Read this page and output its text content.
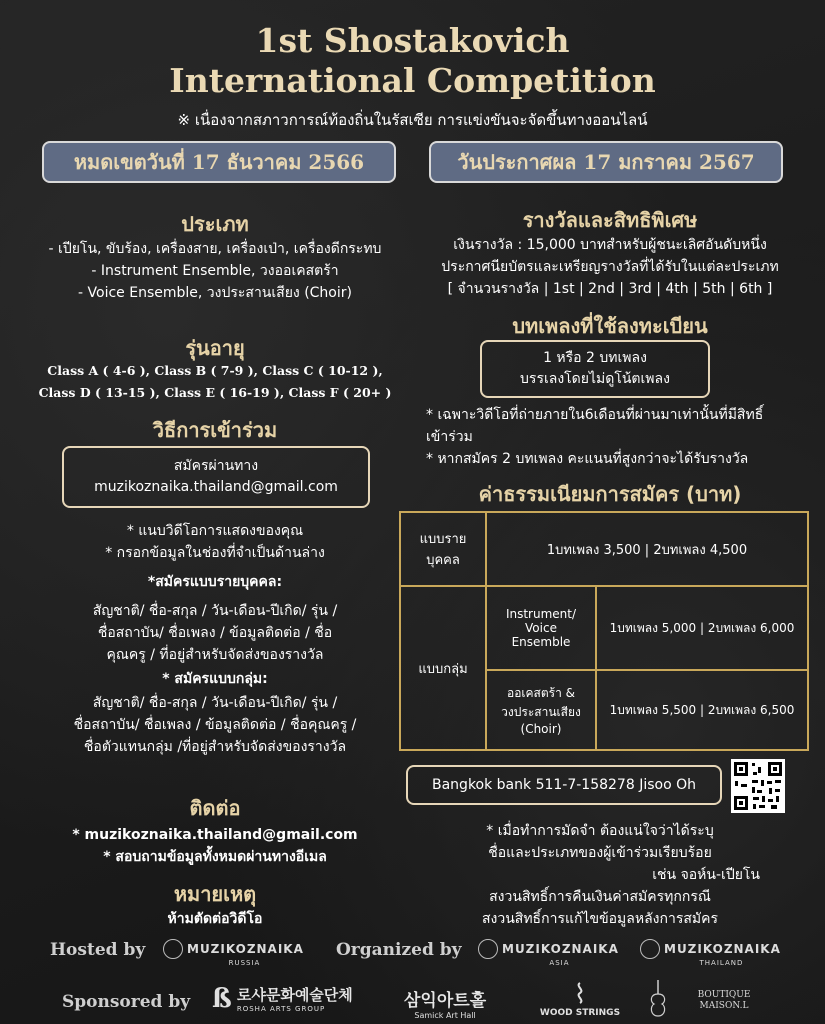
1st Shostakovich
International Competition
※ เนื่องจากสภาวการณ์ท้องถิ่นในรัสเซีย การแข่งขันจะจัดขึ้นทางออนไลน์
หมดเขตวันที่ 17 ธันวาคม 2566	วันประกาศผล 17 มกราคม 2567
ประเภท
- เปียโน, ขับร้อง, เครื่องสาย, เครื่องเป่า, เครื่องดีกระทบ
- Instrument Ensemble, วงออเคสตร้า
- Voice Ensemble, วงประสานเสียง (Choir)
รุ่นอายุ
Class A ( 4-6 ), Class B ( 7-9 ), Class C ( 10-12 ),
Class D ( 13-15 ), Class E ( 16-19 ), Class F ( 20+ )
วิธีการเข้าร่วม
สมัครผ่านทาง
muzikoznaika.thailand@gmail.com
* แนบวิดีโอการแสดงของคุณ
* กรอกข้อมูลในช่องที่จำเป็นด้านล่าง
*สมัครแบบรายบุคคล:
สัญชาติ/ ชื่อ-สกุล / วัน-เดือน-ปีเกิด/ รุ่น /
ชื่อสถาบัน/ ชื่อเพลง / ข้อมูลติดต่อ / ชื่อ
คุณครู / ที่อยู่สำหรับจัดส่งของรางวัล
* สมัครแบบกลุ่ม:
สัญชาติ/ ชื่อ-สกุล / วัน-เดือน-ปีเกิด/ รุ่น /
ชื่อสถาบัน/ ชื่อเพลง / ข้อมูลติดต่อ / ชื่อคุณครู /
ชื่อตัวแทนกลุ่ม /ที่อยู่สำหรับจัดส่งของรางวัล
ติดต่อ
* muzikoznaika.thailand@gmail.com
* สอบถามข้อมูลทั้งหมดผ่านทางอีเมล
หมายเหตุ
ห้ามตัดต่อวิดีโอ
รางวัลและสิทธิพิเศษ
เงินรางวัล : 15,000 บาทสำหรับผู้ชนะเลิศอันดับหนึ่ง
ประกาศนียบัตรและเหรียญรางวัลที่ได้รับในแต่ละประเภท
[ จำนวนรางวัล | 1st | 2nd | 3rd | 4th | 5th | 6th ]
บทเพลงที่ใช้ลงทะเบียน
1 หรือ 2 บทเพลง
บรรเลงโดยไม่ดูโน้ตเพลง
* เฉพาะวิดีโอที่ถ่ายภายใน6เดือนที่ผ่านมาเท่านั้นที่มีสิทธิ์
เข้าร่วม
* หากสมัคร 2 บทเพลง คะแนนที่สูงกว่าจะได้รับรางวัล
ค่าธรรมเนียมการสมัคร (บาท)
แบบราย
บุคคล	1บทเพลง 3,500 | 2บทเพลง 4,500	
แบบกลุ่ม	Instrument/
Voice
Ensemble	1บทเพลง 5,000 | 2บทเพลง 6,000

	ออเคสตร้า &
วงประสานเสียง
(Choir)	1บทเพลง 5,500 | 2บทเพลง 6,500
Bangkok bank 511-7-158278 Jisoo Oh
* เมื่อทำการมัดจำ ต้องแน่ใจว่าได้ระบุ
ชื่อและประเภทของผู้เข้าร่วมเรียบร้อย
เช่น จอห์น-เปียโน
สงวนสิทธิ์การคืนเงินค่าสมัครทุกกรณี
สงวนสิทธิ์การแก้ไขข้อมูลหลังการสมัคร
Hosted by	MUZIKOZNAIKA
RUSSIA
Organized by	MUZIKOZNAIKA
ASIA
MUZIKOZNAIKA
THAILAND
Sponsored by ß 로샤문화예술단체
ROSHA ARTS GROUP	삼익아트홀
Samick Art Hall	WOOD STRINGS
BOUTIQUE
MAISON.L
